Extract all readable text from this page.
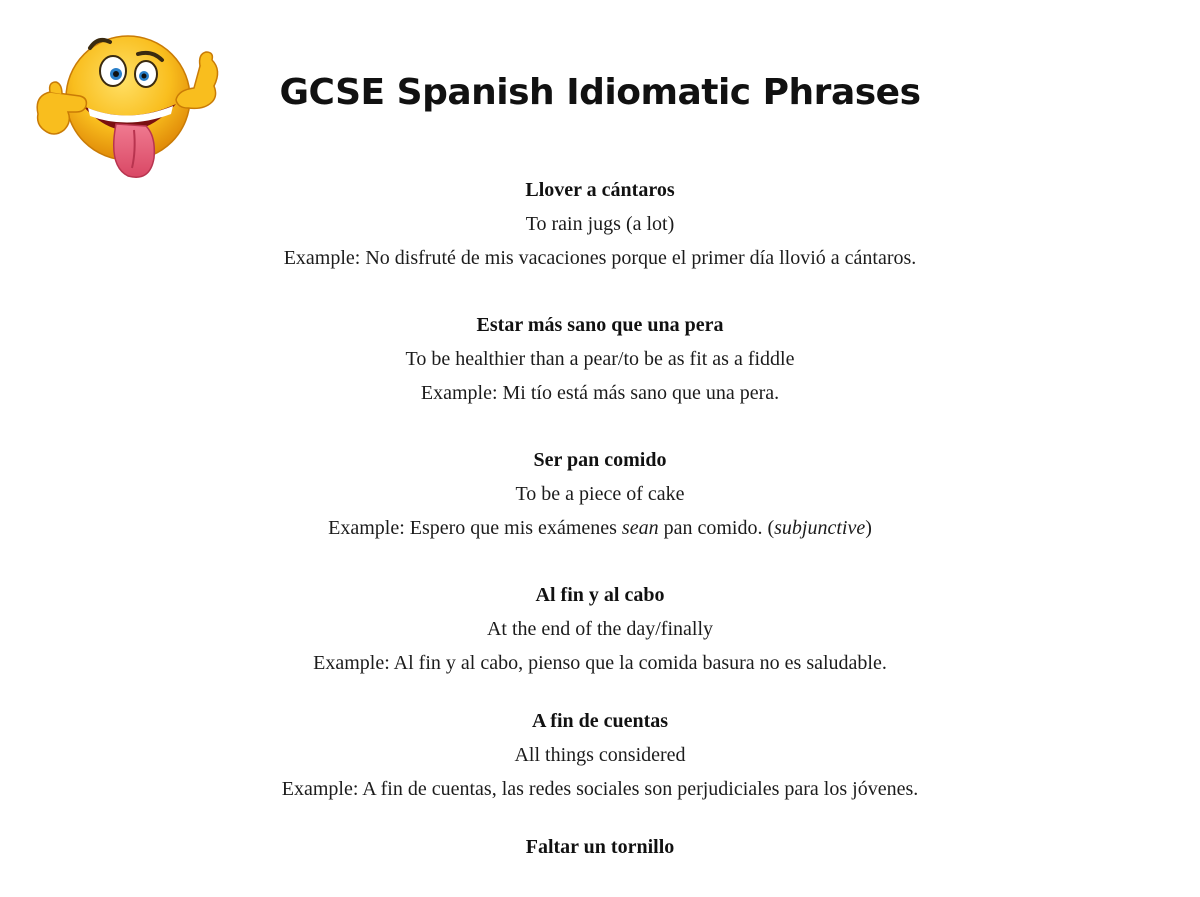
GCSE Spanish Idiomatic Phrases
Llover a cántaros
To rain jugs (a lot)
Example: No disfruté de mis vacaciones porque el primer día llovió a cántaros.
Estar más sano que una pera
To be healthier than a pear/to be as fit as a fiddle
Example: Mi tío está más sano que una pera.
Ser pan comido
To be a piece of cake
Example: Espero que mis exámenes sean pan comido. (subjunctive)
Al fin y al cabo
At the end of the day/finally
Example: Al fin y al cabo, pienso que la comida basura no es saludable.
A fin de cuentas
All things considered
Example: A fin de cuentas, las redes sociales son perjudiciales para los jóvenes.
Faltar un tornillo
